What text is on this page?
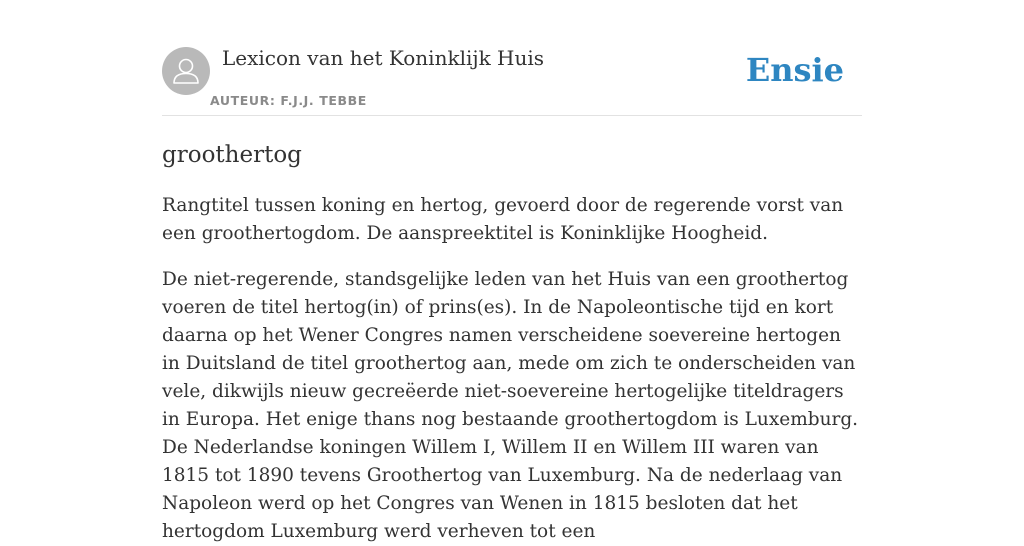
Lexicon van het Koninklijk Huis
AUTEUR: F.J.J. TEBBE
Ensie
groothertog

Rangtitel tussen koning en hertog, gevoerd door de regerende vorst van een groothertogdom. De aanspreektitel is Koninklijke Hoogheid.

De niet-regerende, standsgelijke leden van het Huis van een groothertog voeren de titel hertog(in) of prins(es). In de Napoleontische tijd en kort daarna op het Wener Congres namen verscheidene soevereine hertogen in Duitsland de titel groothertog aan, mede om zich te onderscheiden van vele, dikwijls nieuw gecreëerde niet-soevereine hertogelijke titeldragers in Europa. Het enige thans nog bestaande groothertogdom is Luxemburg. De Nederlandse koningen Willem I, Willem II en Willem III waren van 1815 tot 1890 tevens Groothertog van Luxemburg. Na de nederlaag van Napoleon werd op het Congres van Wenen in 1815 besloten dat het hertogdom Luxemburg werd verheven tot een
